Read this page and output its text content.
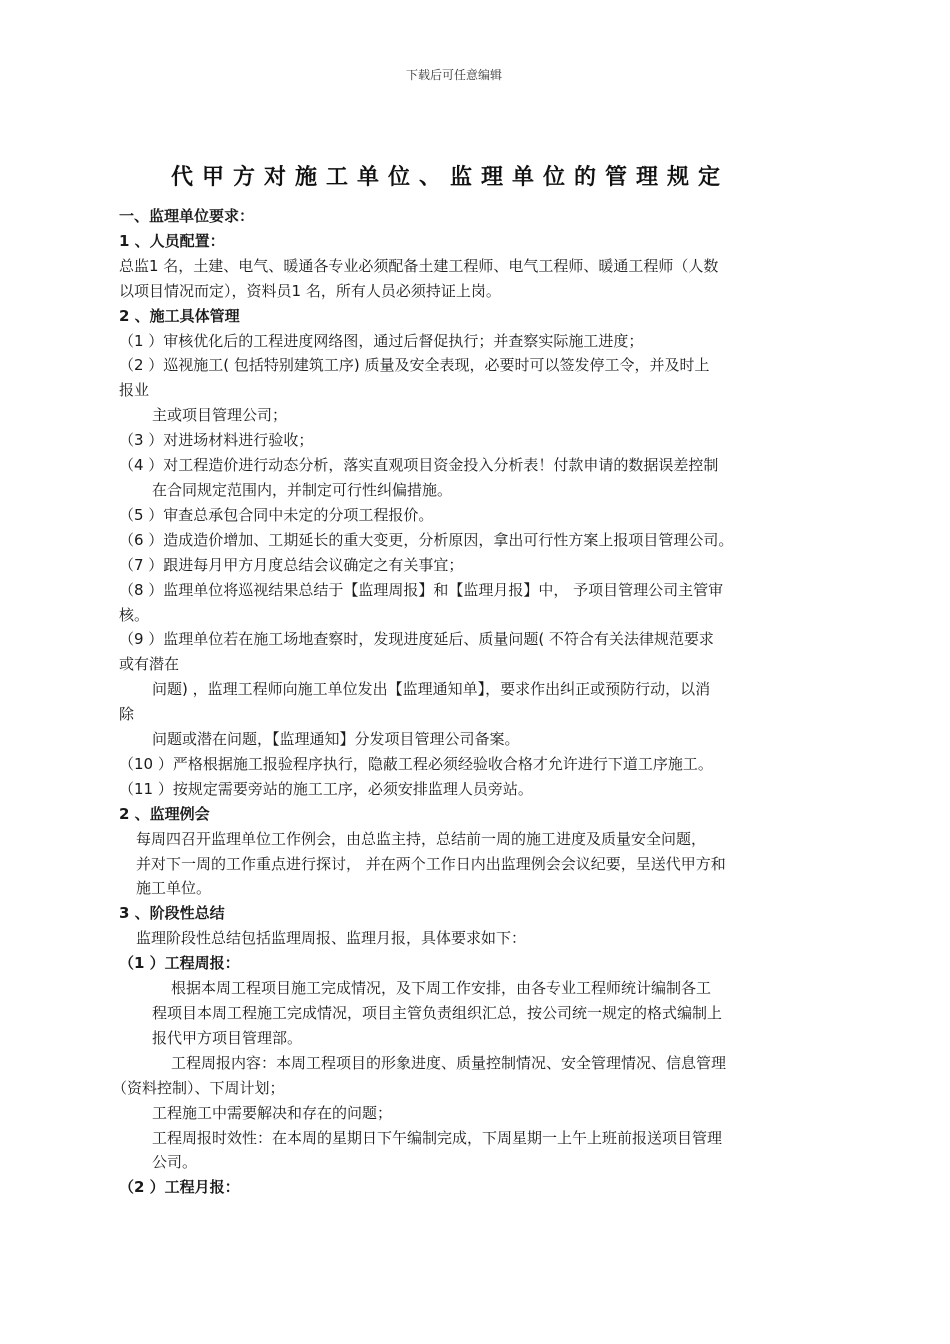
下载后可任意编辑
代甲方对施工单位、监理单位的管理规定
一、监理单位要求：
1 、人员配置：
总监1 名，土建、电气、暖通各专业必须配备土建工程师、电气工程师、暖通工程师（人数
以项目情况而定），资料员1 名，所有人员必须持证上岗。
2 、施工具体管理
（1 ）审核优化后的工程进度网络图，通过后督促执行；并查察实际施工进度；
（2 ）巡视施工( 包括特别建筑工序) 质量及安全表现，必要时可以签发停工令，并及时上
报业
主或项目管理公司；
（3 ）对进场材料进行验收；
（4 ）对工程造价进行动态分析，落实直观项目资金投入分析表！付款申请的数据误差控制
在合同规定范围内，并制定可行性纠偏措施。
（5 ）审查总承包合同中未定的分项工程报价。
（6 ）造成造价增加、工期延长的重大变更，分析原因，拿出可行性方案上报项目管理公司。
（7 ）跟进每月甲方月度总结会议确定之有关事宜；
（8 ）监理单位将巡视结果总结于【监理周报】和【监理月报】中， 予项目管理公司主管审
核。
（9 ）监理单位若在施工场地查察时，发现进度延后、质量问题( 不符合有关法律规范要求
或有潜在
问题) ，监理工程师向施工单位发出【监理通知单】，要求作出纠正或预防行动，以消
除
问题或潜在问题，【监理通知】分发项目管理公司备案。
（10 ）严格根据施工报验程序执行，隐蔽工程必须经验收合格才允许进行下道工序施工。
（11 ）按规定需要旁站的施工工序，必须安排监理人员旁站。
2 、监理例会
每周四召开监理单位工作例会，由总监主持，总结前一周的施工进度及质量安全问题，
并对下一周的工作重点进行探讨， 并在两个工作日内出监理例会会议纪要，呈送代甲方和
施工单位。
3 、阶段性总结
监理阶段性总结包括监理周报、监理月报，具体要求如下：
（1 ）工程周报：
根据本周工程项目施工完成情况，及下周工作安排，由各专业工程师统计编制各工
程项目本周工程施工完成情况，项目主管负责组织汇总，按公司统一规定的格式编制上
报代甲方项目管理部。
工程周报内容：本周工程项目的形象进度、质量控制情况、安全管理情况、信息管理
（资料控制）、下周计划；
工程施工中需要解决和存在的问题；
工程周报时效性：在本周的星期日下午编制完成，下周星期一上午上班前报送项目管理
公司。
（2 ）工程月报：
